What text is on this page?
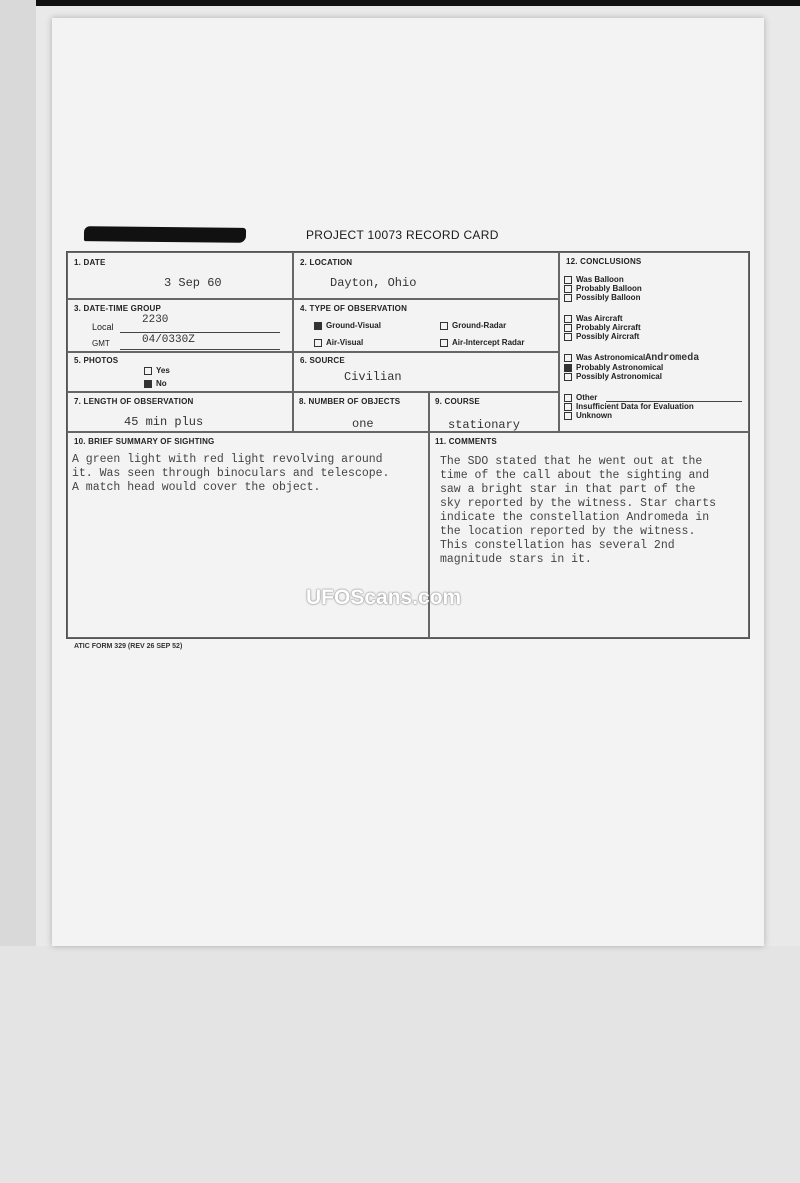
PROJECT 10073 RECORD CARD
1. DATE
3 Sep 60
2. LOCATION
Dayton, Ohio
3. DATE-TIME GROUP
Local
2230
GMT	04/0330Z
4. TYPE OF OBSERVATION
Ground-Visual	Ground-Radar
Air-Visual	Air-Intercept Radar
5. PHOTOS
Yes
No
6. SOURCE
Civilian
7. LENGTH OF OBSERVATION
45 min plus
8. NUMBER OF OBJECTS
one
9. COURSE
stationary
12. CONCLUSIONS
Was Balloon
Probably Balloon
Possibly Balloon
Was Aircraft
Probably Aircraft
Possibly Aircraft
Was AstronomicalAndromeda
Probably Astronomical
Possibly Astronomical
Other
Insufficient Data for Evaluation
Unknown
10. BRIEF SUMMARY OF SIGHTING
A green light with red light revolving around
it. Was seen through binoculars and telescope.
A match head would cover the object.
11. COMMENTS
The SDO stated that he went out at the
time of the call about the sighting and
saw a bright star in that part of the
sky reported by the witness. Star charts
indicate the constellation Andromeda in
the location reported by the witness.
This constellation has several 2nd
magnitude stars in it.
UFOScans.com
ATIC FORM 329 (REV 26 SEP 52)
